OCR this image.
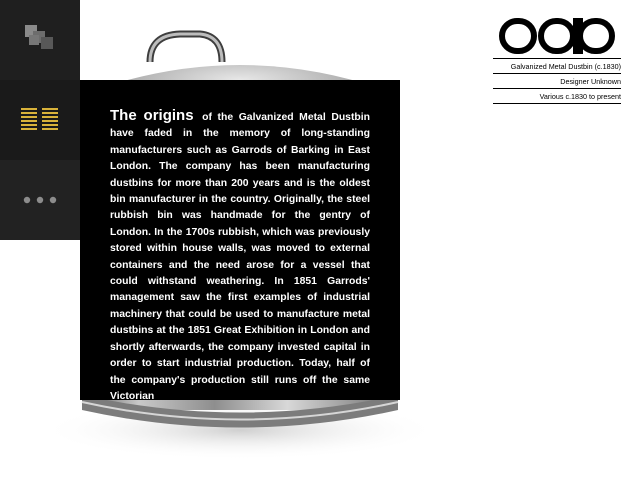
The origins of the Galvanized Metal Dustbin have faded in the memory of long-standing manufacturers such as Garrods of Barking in East London. The company has been manufacturing dustbins for more than 200 years and is the oldest bin manufacturer in the country. Originally, the steel rubbish bin was handmade for the gentry of London. In the 1700s rubbish, which was previously stored within house walls, was moved to external containers and the need arose for a vessel that could withstand weathering. In 1851 Garrods' management saw the first examples of industrial machinery that could be used to manufacture metal dustbins at the 1851 Great Exhibition in London and shortly afterwards, the company invested capital in order to start industrial production. Today, half of the company's production still runs off the same Victorian
Galvanized Metal Dustbin (c.1830)
Designer Unknown
Various c.1830 to present
